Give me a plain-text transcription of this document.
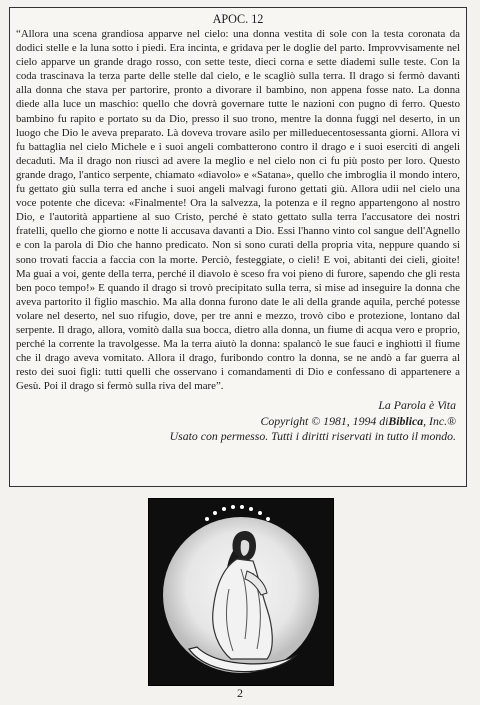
APOC. 12

“Allora una scena grandiosa apparve nel cielo: una donna vestita di sole con la testa coronata da dodici stelle e la luna sotto i piedi. Era incinta, e gridava per le doglie del parto. Improvvisamente nel cielo apparve un grande drago rosso, con sette teste, dieci corna e sette diademi sulle teste. Con la coda trascinava la terza parte delle stelle dal cielo, e le scagliò sulla terra. Il drago si fermò davanti alla donna che stava per partorire, pronto a divorare il bambino, non appena fosse nato. La donna diede alla luce un maschio: quello che dovrà governare tutte le nazioni con pugno di ferro. Questo bambino fu rapito e portato su da Dio, presso il suo trono, mentre la donna fuggì nel deserto, in un luogo che Dio le aveva preparato. Là doveva trovare asilo per milleduecentosessanta giorni. Allora vi fu battaglia nel cielo Michele e i suoi angeli combatterono contro il drago e i suoi eserciti di angeli decaduti. Ma il drago non riuscì ad avere la meglio e nel cielo non ci fu più posto per loro. Questo grande drago, l'antico serpente, chiamato «diavolo» e «Satana», quello che imbroglia il mondo intero, fu gettato giù sulla terra ed anche i suoi angeli malvagi furono gettati giù. Allora udii nel cielo una voce potente che diceva: «Finalmente! Ora la salvezza, la potenza e il regno appartengono al nostro Dio, e l'autorità appartiene al suo Cristo, perché è stato gettato sulla terra l'accusatore dei nostri fratelli, quello che giorno e notte li accusava davanti a Dio. Essi l'hanno vinto col sangue dell'Agnello e con la parola di Dio che hanno predicato. Non si sono curati della propria vita, neppure quando si sono trovati faccia a faccia con la morte. Perciò, festeggiate, o cieli! E voi, abitanti dei cieli, gioite! Ma guai a voi, gente della terra, perché il diavolo è sceso fra voi pieno di furore, sapendo che gli resta ben poco tempo!» E quando il drago si trovò precipitato sulla terra, si mise ad inseguire la donna che aveva partorito il figlio maschio. Ma alla donna furono date le ali della grande aquila, perché potesse volare nel deserto, nel suo rifugio, dove, per tre anni e mezzo, trovò cibo e protezione, lontano dal serpente. Il drago, allora, vomitò dalla sua bocca, dietro alla donna, un fiume di acqua vero e proprio, perché la corrente la travolgesse. Ma la terra aiutò la donna: spalancò le sue fauci e inghiottì il fiume che il drago aveva vomitato. Allora il drago, furibondo contro la donna, se ne andò a far guerra al resto dei suoi figli: tutti quelli che osservano i comandamenti di Dio e confessano di appartenere a Gesù. Poi il drago si fermò sulla riva del mare”.

La Parola è Vita
Copyright © 1981, 1994 diBiblica, Inc.®
Usato con permesso. Tutti i diritti riservati in tutto il mondo.
2
